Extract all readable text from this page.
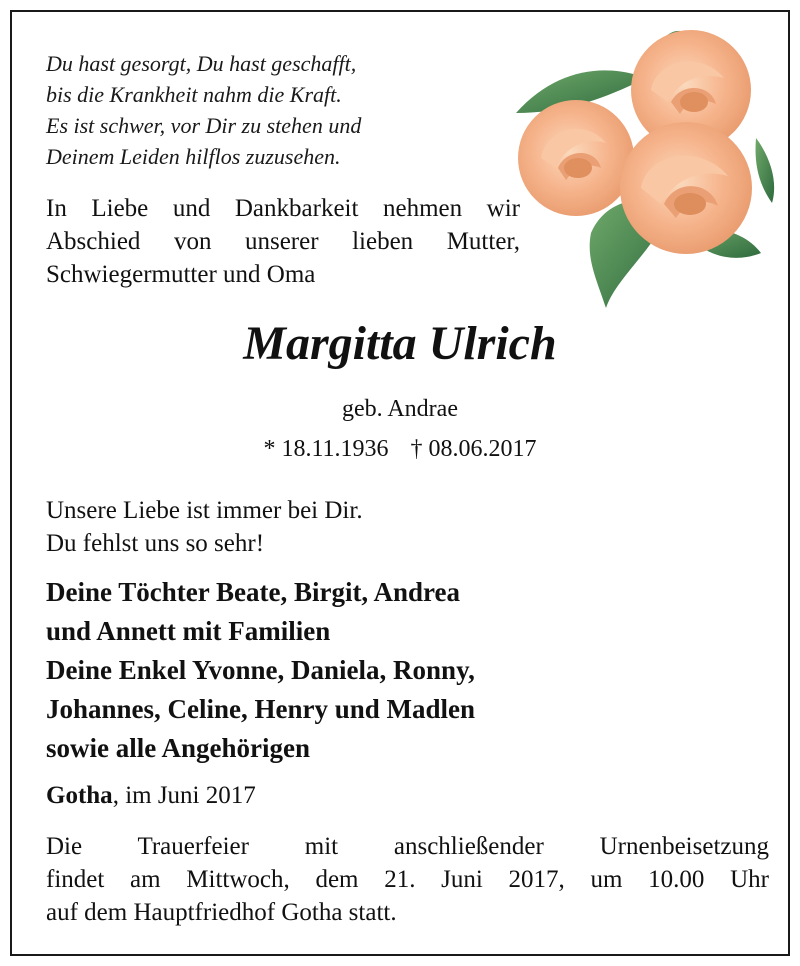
Du hast gesorgt, Du hast geschafft,
bis die Krankheit nahm die Kraft.
Es ist schwer, vor Dir zu stehen und
Deinem Leiden hilflos zuzusehen.

In Liebe und Dankbarkeit nehmen wir
Abschied von unserer lieben Mutter,
Schwiegermutter und Oma
Margitta Ulrich
geb. Andrae
* 18.11.1936 † 08.06.2017
Unsere Liebe ist immer bei Dir.
Du fehlst uns so sehr!
Deine Töchter Beate, Birgit, Andrea
und Annett mit Familien
Deine Enkel Yvonne, Daniela, Ronny,
Johannes, Celine, Henry und Madlen
sowie alle Angehörigen
Gotha, im Juni 2017
Die Trauerfeier mit anschließender Urnenbeisetzung
findet am Mittwoch, dem 21. Juni 2017, um 10.00 Uhr
auf dem Hauptfriedhof Gotha statt.
